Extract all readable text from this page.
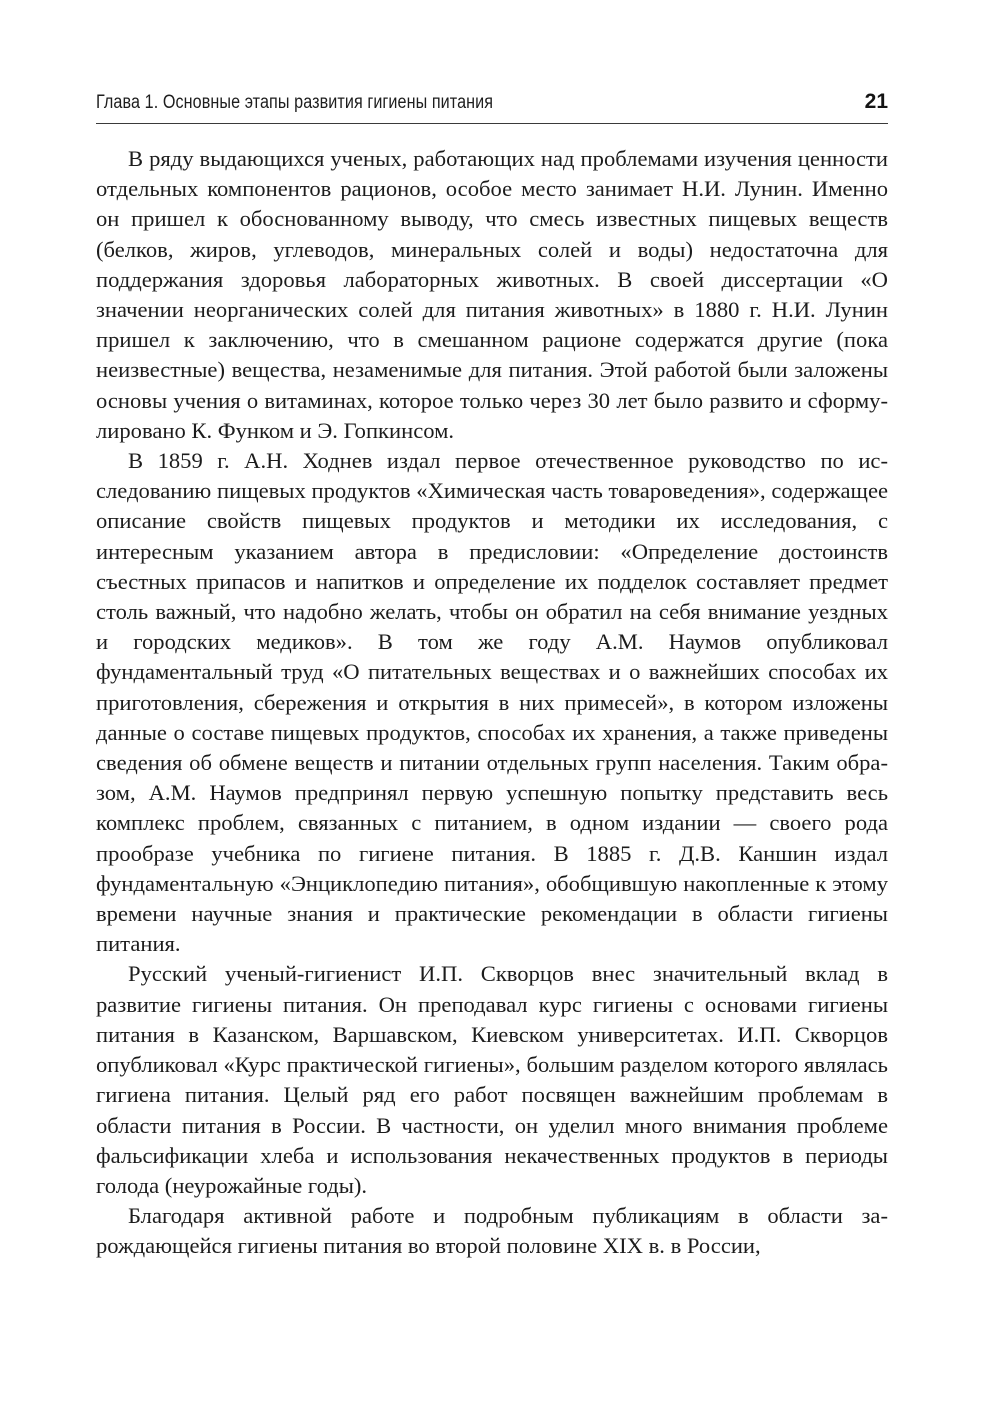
Глава 1. Основные этапы развития гигиены питания	21

В ряду выдающихся ученых, работающих над проблемами изучения ценности отдельных компонентов рационов, особое место занимает Н.И. Лунин. Именно он пришел к обоснованному выводу, что смесь известных пищевых веществ (белков, жиров, углеводов, минеральных солей и воды) недостаточна для поддержания здоровья лабораторных животных. В своей диссертации «О значении неорганических солей для питания животных» в 1880 г. Н.И. Лунин пришел к заключению, что в смешанном рационе содержатся другие (пока неизвестные) вещества, незаменимые для питания. Этой работой были заложены основы учения о витаминах, которое только через 30 лет было развито и сформулировано К. Функом и Э. Гопкинсом.

В 1859 г. А.Н. Ходнев издал первое отечественное руководство по исследованию пищевых продуктов «Химическая часть товароведения», содержащее описание свойств пищевых продуктов и методики их исследования, с интересным указанием автора в предисловии: «Определение достоинств съестных припасов и напитков и определение их подделок составляет предмет столь важный, что надобно желать, чтобы он обратил на себя внимание уездных и городских медиков». В том же году А.М. Наумов опубликовал фундаментальный труд «О питательных веществах и о важнейших способах их приготовления, сбережения и открытия в них примесей», в котором изложены данные о составе пищевых продуктов, способах их хранения, а также приведены сведения об обмене веществ и питании отдельных групп населения. Таким образом, А.М. Наумов предпринял первую успешную попытку представить весь комплекс проблем, связанных с питанием, в одном издании — своего рода прообразе учебника по гигиене питания. В 1885 г. Д.В. Каншин издал фундаментальную «Энциклопедию питания», обобщившую накопленные к этому времени научные знания и практические рекомендации в области гигиены питания.

Русский ученый-гигиенист И.П. Скворцов внес значительный вклад в развитие гигиены питания. Он преподавал курс гигиены с основами гигиены питания в Казанском, Варшавском, Киевском университетах. И.П. Скворцов опубликовал «Курс практической гигиены», большим разделом которого являлась гигиена питания. Целый ряд его работ посвящен важнейшим проблемам в области питания в России. В частности, он уделил много внимания проблеме фальсификации хлеба и использования некачественных продуктов в периоды голода (неурожайные годы).

Благодаря активной работе и подробным публикациям в области зарождающейся гигиены питания во второй половине XIX в. в России,
